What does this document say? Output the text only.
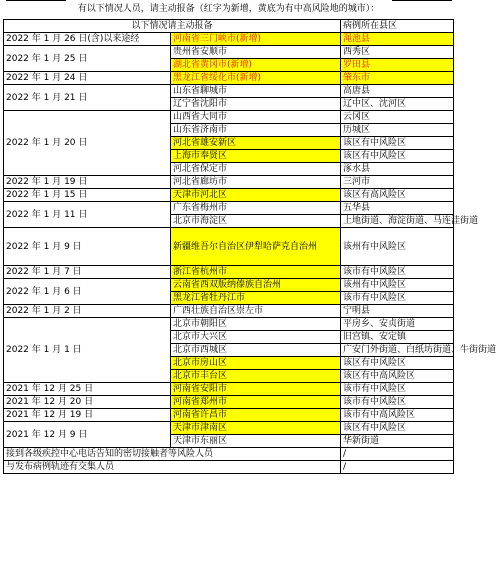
有以下情况人员，请主动报备（红字为新增，黄底为有中高风险地的城市）：
以下情况请主动报备		病例所在县区
2022 年 1 月 26 日(含)以来途经	河南省三门峡市(新增)	渑池县
2022 年 1 月 25 日	贵州省安顺市	西秀区
	湖北省黄冈市(新增)	罗田县
2022 年 1 月 24 日	黑龙江省绥化市(新增)	肇东市
2022 年 1 月 21 日	山东省聊城市	高唐县
	辽宁省沈阳市	辽中区、沈河区
2022 年 1 月 20 日	山西省大同市	云冈区
	山东省济南市	历城区
	河北省雄安新区	该区有中风险区
	上海市奉贤区	该区有中风险区
	河北省保定市	涿水县
2022 年 1 月 19 日	河北省廊坊市	三河市
2022 年 1 月 15 日	天津市河北区	该区有高风险区
2022 年 1 月 11 日	广东省梅州市	五华县
	北京市海淀区	上地街道、海淀街道、马连洼街道
2022 年 1 月 9 日	新疆维吾尔自治区伊犁哈萨克自治州	该州有中风险区
2022 年 1 月 7 日	浙江省杭州市	该市有中风险区
2022 年 1 月 6 日	云南省西双版纳傣族自治州	该州有中风险区
	黑龙江省牡丹江市	该市有中风险区
2022 年 1 月 2 日	广西壮族自治区崇左市	宁明县
2022 年 1 月 1 日	北京市朝阳区	平房乡、安贞街道
	北京市大兴区	旧宫镇、安定镇
	北京市西城区	广安门外街道、白纸坊街道、牛街街道
	北京市房山区	该区有中风险区
	北京市丰台区	该区有中高风险区
2021 年 12 月 25 日	河南省安阳市	该市有中风险区
2021 年 12 月 20 日	河南省郑州市	该市有中风险区
2021 年 12 月 19 日	河南省许昌市	该市有中高风险区
2021 年 12 月 9 日	天津市津南区	该区有中风险区
	天津市东丽区	华新街道
接到各级疾控中心电话告知的密切接触者等风险人员		/
与发布病例轨迹有交集人员		/
